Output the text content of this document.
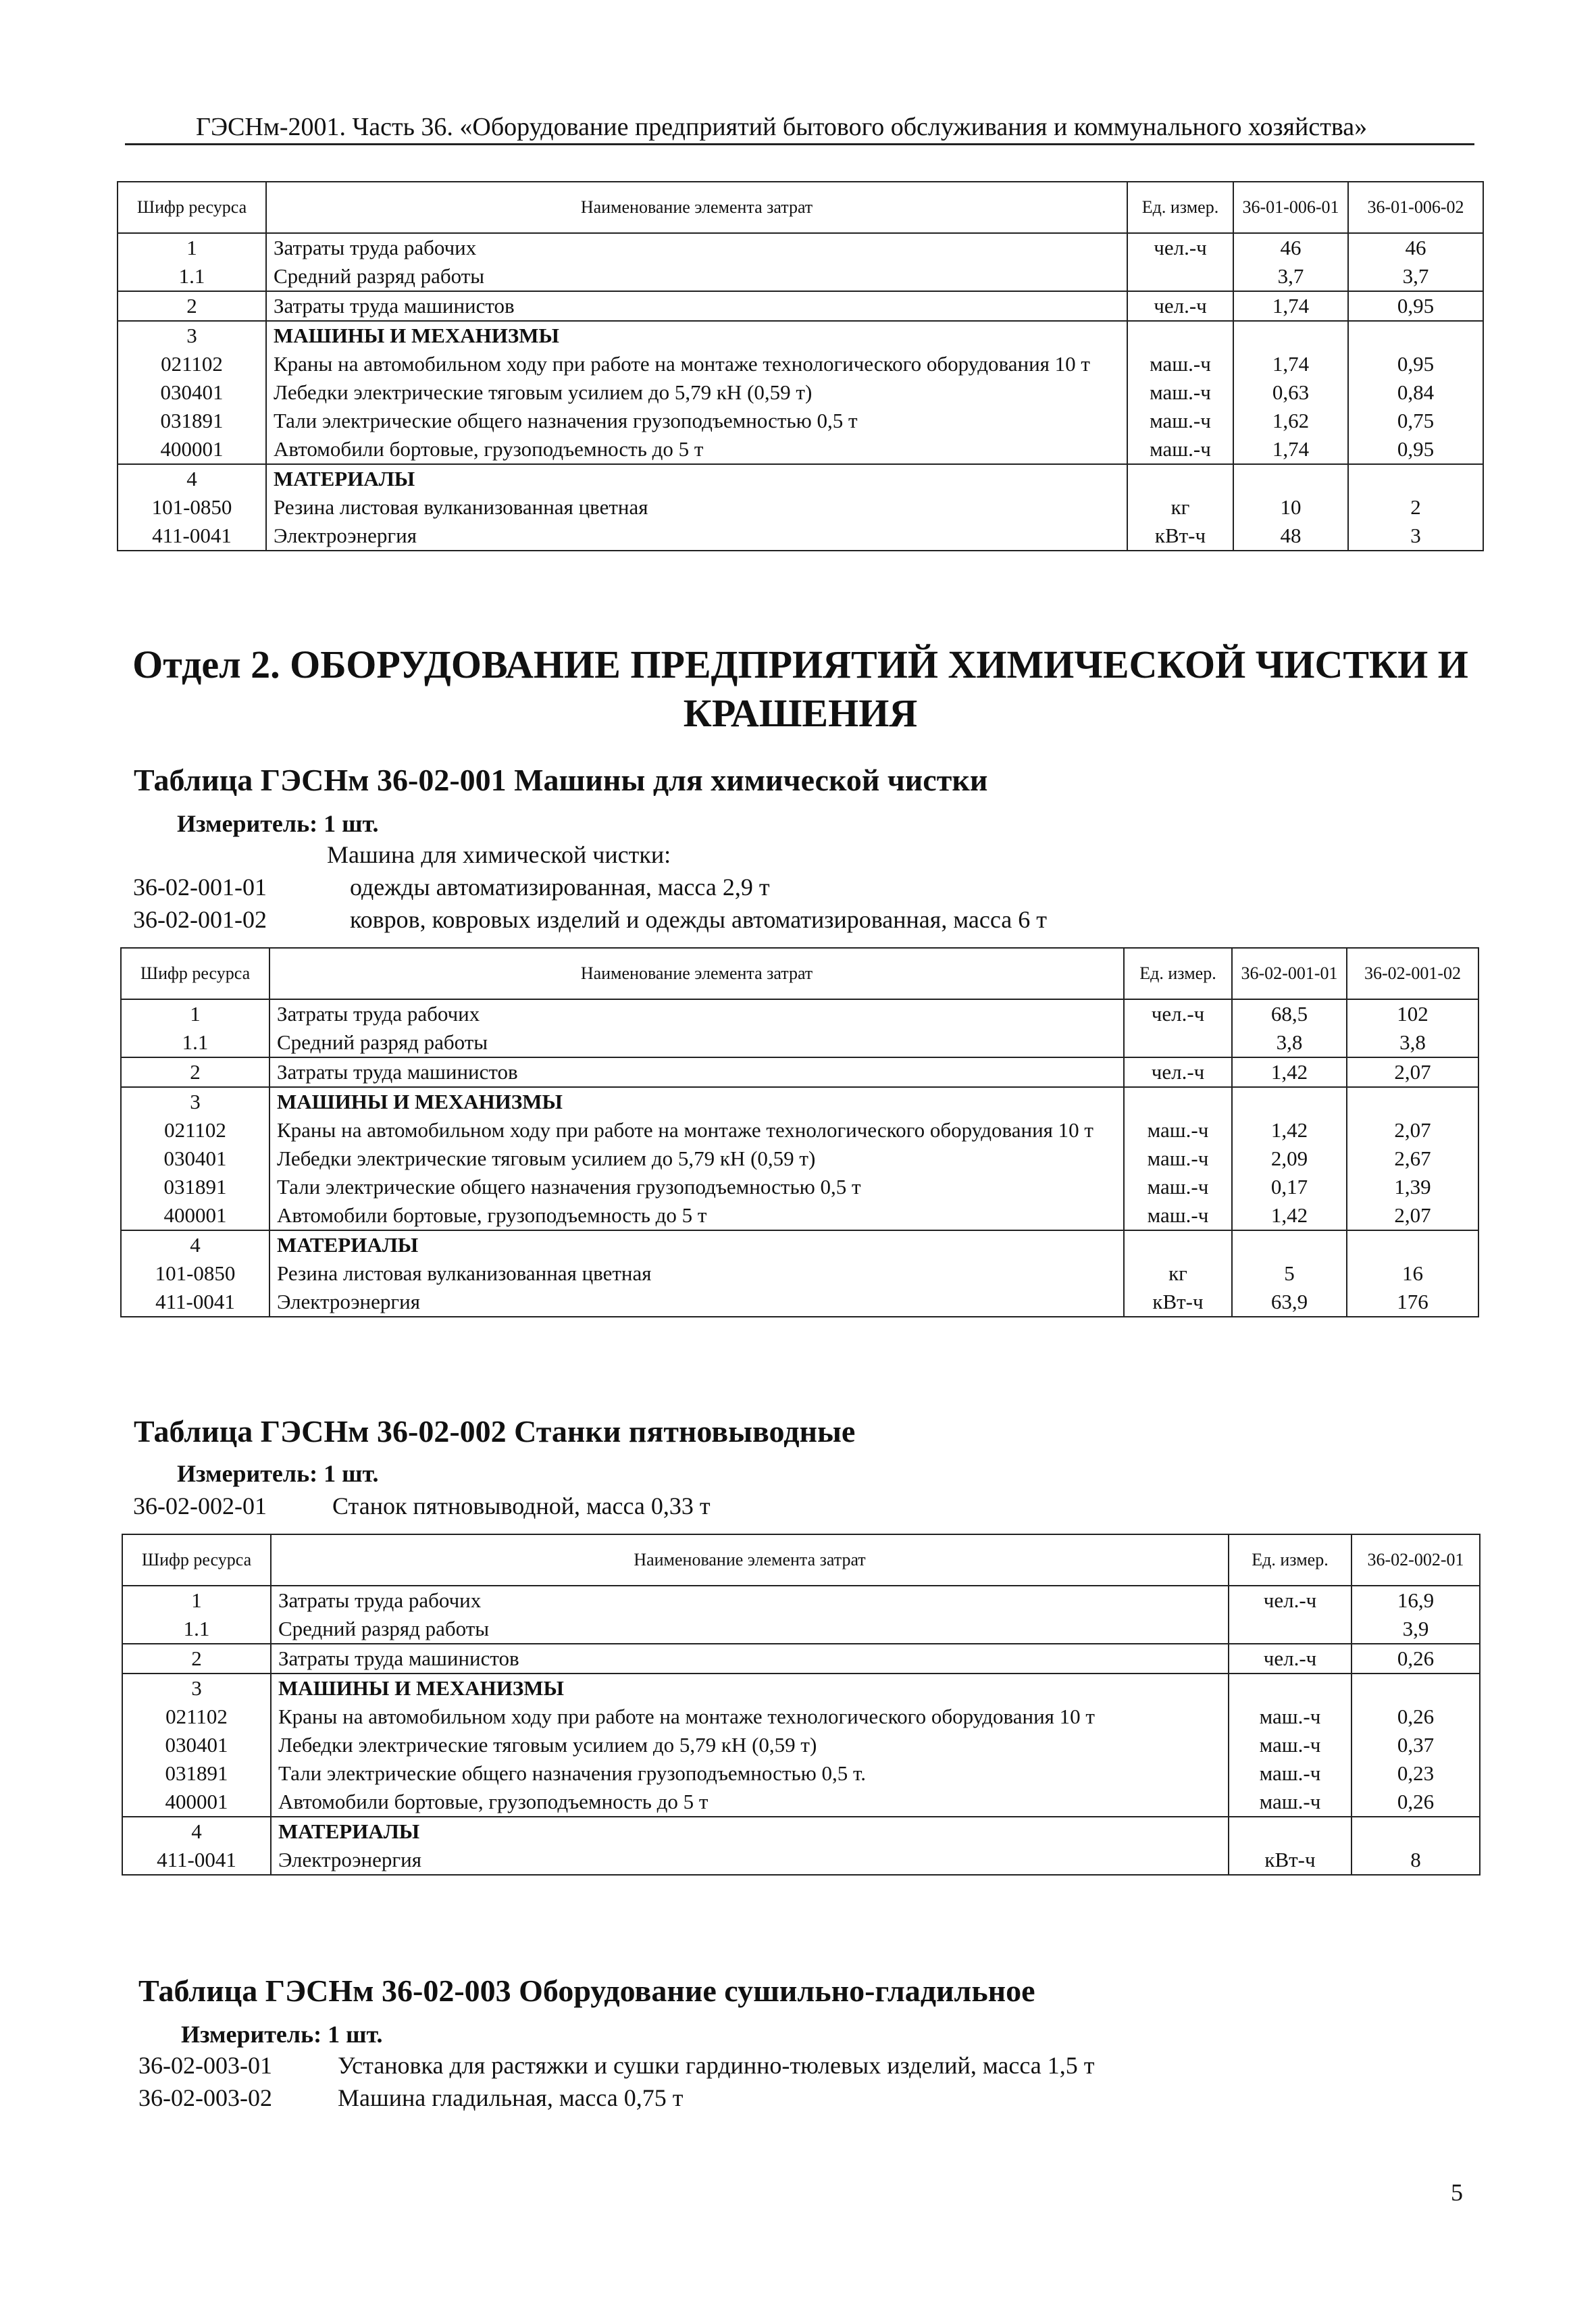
ГЭСНм-2001. Часть 36. «Оборудование предприятий бытового обслуживания и коммунального хозяйства»
Шифр ресурса	Наименование элемента затрат	Ед. измер.	36-01-006-01	36-01-006-02
1	Затраты труда рабочих	чел.-ч	46	46
1.1	Средний разряд работы		3,7	3,7
2	Затраты труда машинистов	чел.-ч	1,74	0,95
3	МАШИНЫ И МЕХАНИЗМЫ			
021102	Краны на автомобильном ходу при работе на монтаже технологического оборудования 10 т	маш.-ч	1,74	0,95
030401	Лебедки электрические тяговым усилием до 5,79 кН (0,59 т)	маш.-ч	0,63	0,84
031891	Тали электрические общего назначения грузоподъемностью 0,5 т	маш.-ч	1,62	0,75
400001	Автомобили бортовые, грузоподъемность до 5 т	маш.-ч	1,74	0,95
4	МАТЕРИАЛЫ			
101-0850	Резина листовая вулканизованная цветная	кг	10	2
411-0041	Электроэнергия	кВт-ч	48	3
Отдел 2. ОБОРУДОВАНИЕ ПРЕДПРИЯТИЙ ХИМИЧЕСКОЙ ЧИСТКИ И КРАШЕНИЯ
Таблица ГЭСНм 36-02-001 Машины для химической чистки
Измеритель: 1 шт.
Машина для химической чистки:
36-02-001-01	одежды автоматизированная, масса 2,9 т
36-02-001-02	ковров, ковровых изделий и одежды автоматизированная, масса 6 т
Шифр ресурса	Наименование элемента затрат	Ед. измер.	36-02-001-01	36-02-001-02
1	Затраты труда рабочих	чел.-ч	68,5	102
1.1	Средний разряд работы		3,8	3,8
2	Затраты труда машинистов	чел.-ч	1,42	2,07
3	МАШИНЫ И МЕХАНИЗМЫ			
021102	Краны на автомобильном ходу при работе на монтаже технологического оборудования 10 т	маш.-ч	1,42	2,07
030401	Лебедки электрические тяговым усилием до 5,79 кН (0,59 т)	маш.-ч	2,09	2,67
031891	Тали электрические общего назначения грузоподъемностью 0,5 т	маш.-ч	0,17	1,39
400001	Автомобили бортовые, грузоподъемность до 5 т	маш.-ч	1,42	2,07
4	МАТЕРИАЛЫ			
101-0850	Резина листовая вулканизованная цветная	кг	5	16
411-0041	Электроэнергия	кВт-ч	63,9	176
Таблица ГЭСНм 36-02-002 Станки пятновыводные
Измеритель: 1 шт.
36-02-002-01	Станок пятновыводной, масса 0,33 т
Шифр ресурса	Наименование элемента затрат	Ед. измер.	36-02-002-01
1	Затраты труда рабочих	чел.-ч	16,9
1.1	Средний разряд работы		3,9
2	Затраты труда машинистов	чел.-ч	0,26
3	МАШИНЫ И МЕХАНИЗМЫ		
021102	Краны на автомобильном ходу при работе на монтаже технологического оборудования 10 т	маш.-ч	0,26
030401	Лебедки электрические тяговым усилием до 5,79 кН (0,59 т)	маш.-ч	0,37
031891	Тали электрические общего назначения грузоподъемностью 0,5 т.	маш.-ч	0,23
400001	Автомобили бортовые, грузоподъемность до 5 т	маш.-ч	0,26
4	МАТЕРИАЛЫ		
411-0041	Электроэнергия	кВт-ч	8
Таблица ГЭСНм 36-02-003 Оборудование сушильно-гладильное
Измеритель: 1 шт.
36-02-003-01	Установка для растяжки и сушки гардинно-тюлевых изделий, масса 1,5 т
36-02-003-02	Машина гладильная, масса 0,75 т
5
